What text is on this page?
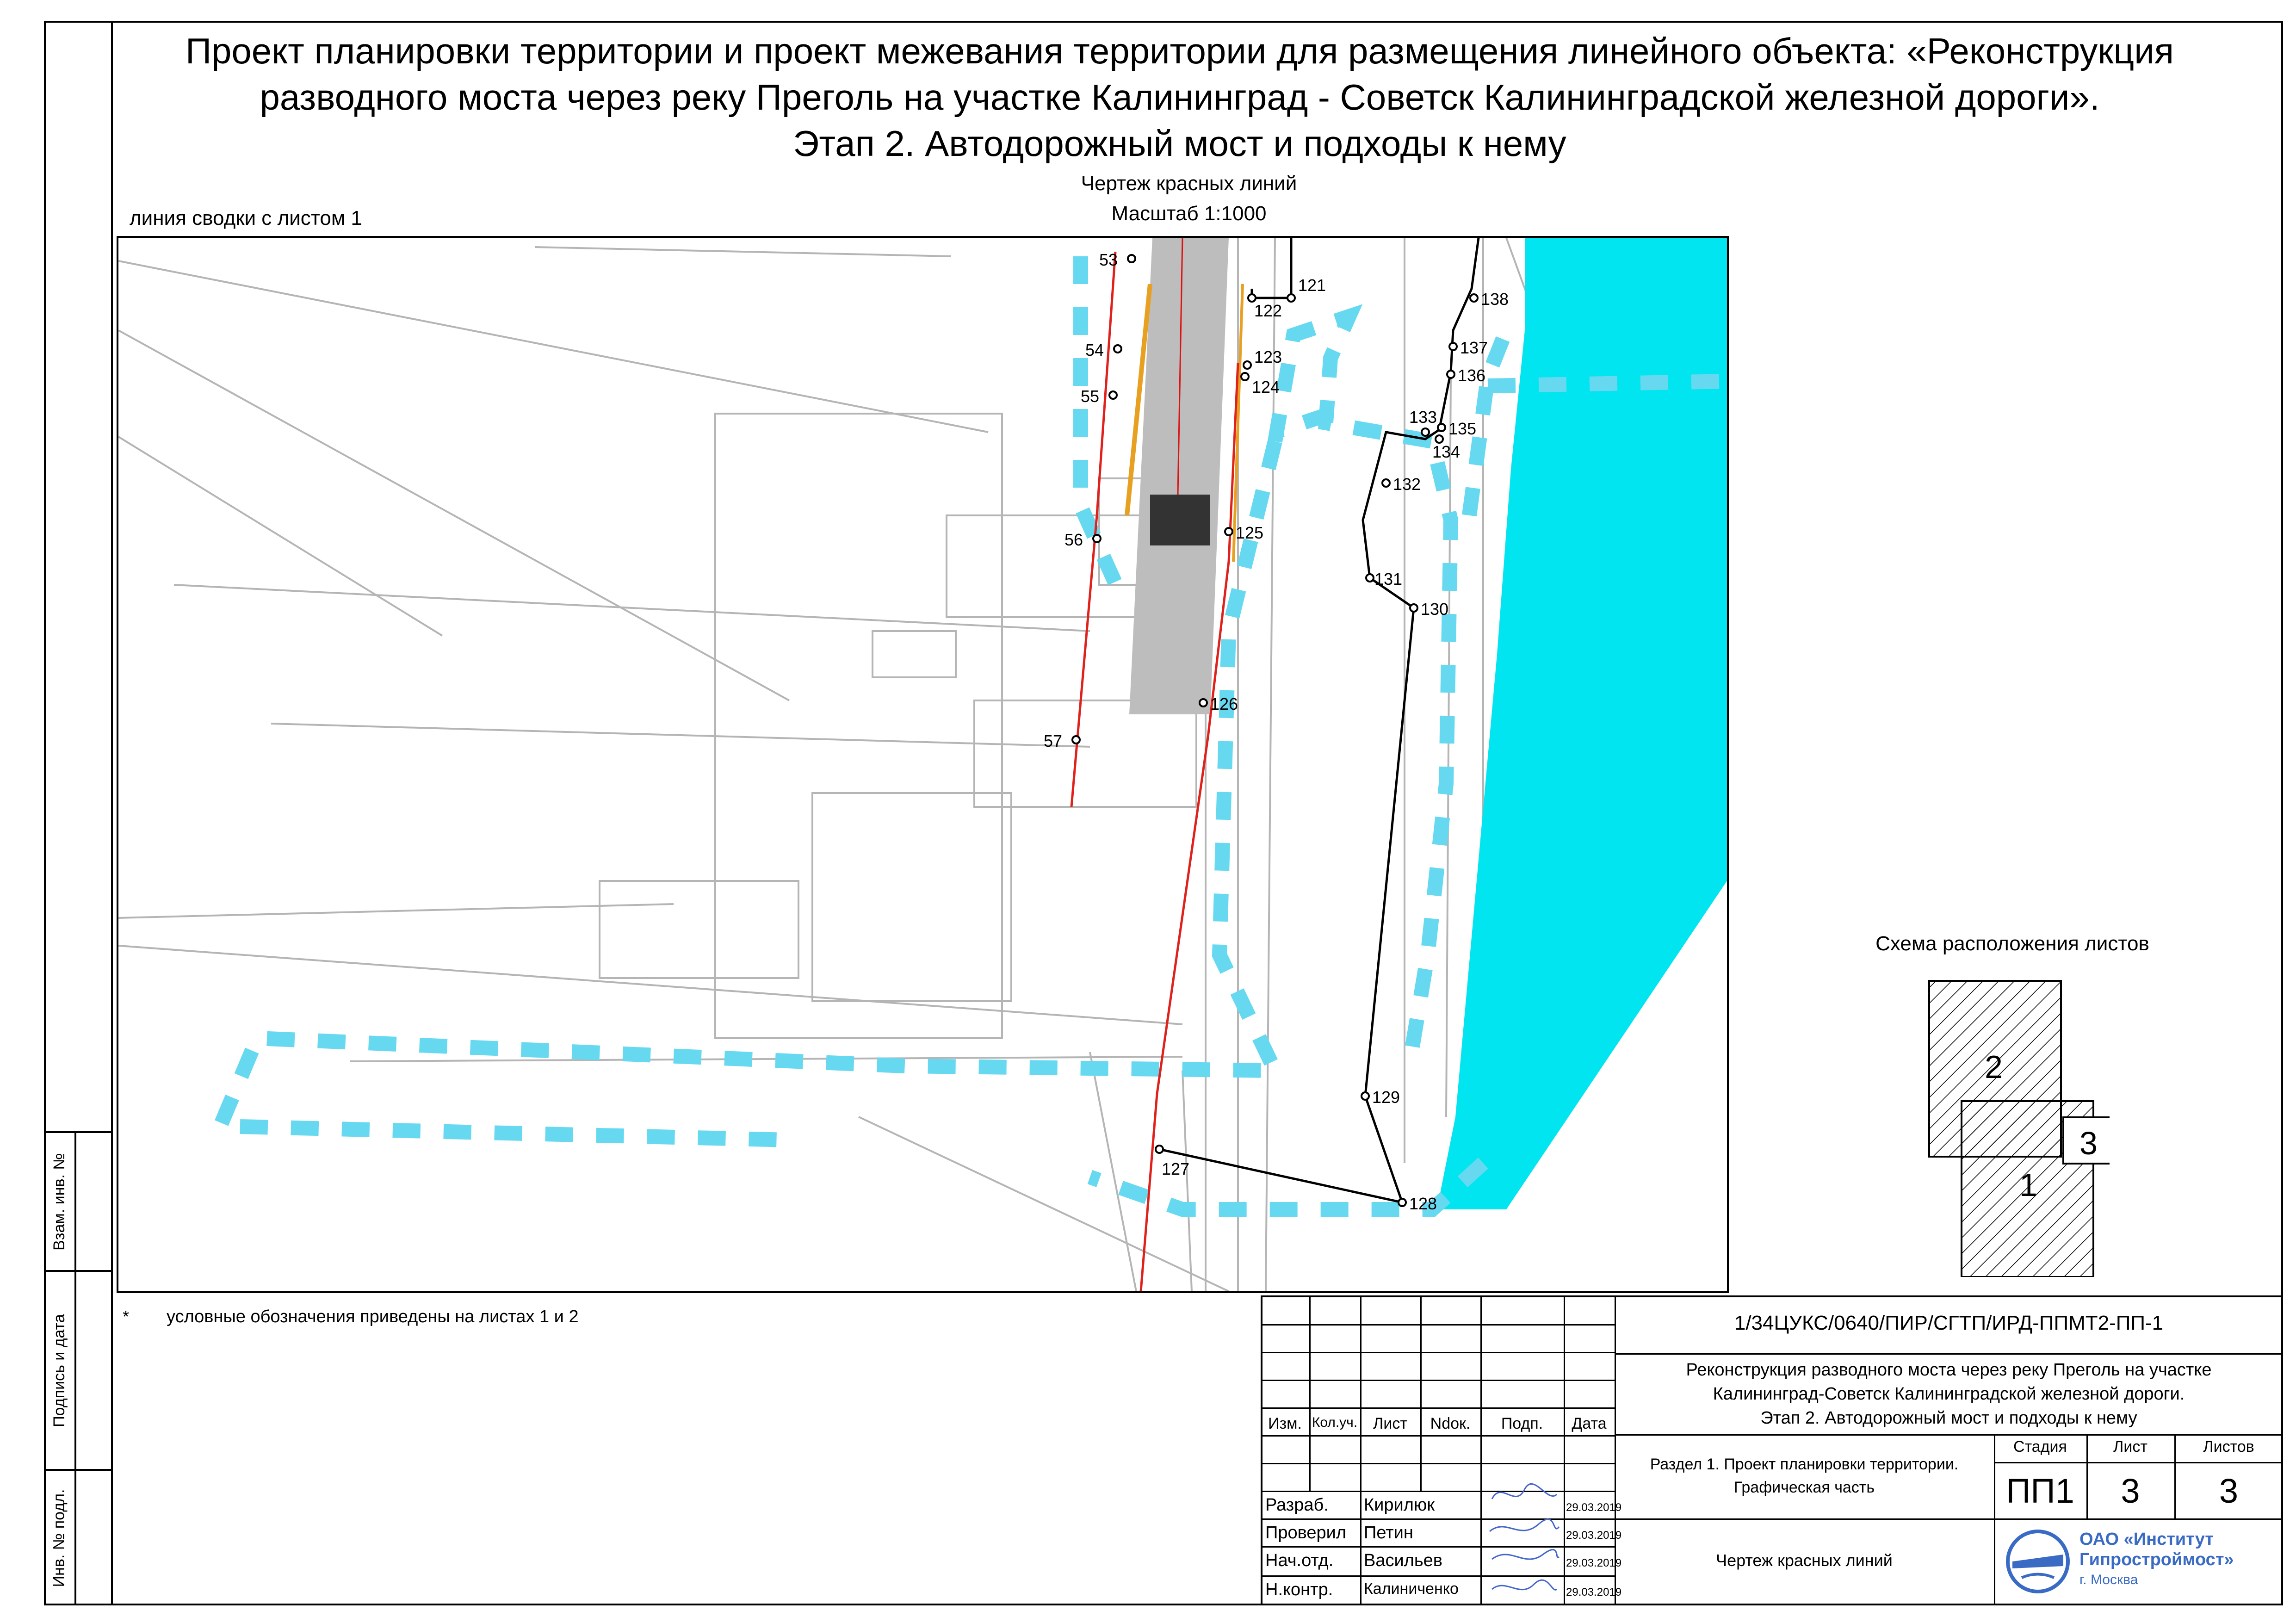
Проект планировки территории и проект межевания территории для размещения линейного объекта: «Реконструкция
разводного моста через реку Преголь на участке Калининград - Советск Калининградской железной дороги».
Этап 2. Автодорожный мост и подходы к нему
Чертеж красных линий
Масштаб 1:1000
линия сводки с листом 1
53
54
55
56
57
121
122
123
124
125
126
127
128
129
130
131
132
133
134
135
136
137
138
Схема расположения листов
2
3
1
Взам. инв. №
Подпись и дата
Инв. № подл.
* условные обозначения приведены на листах 1 и 2
Изм. Кол.уч. Лист	Ndок.	Подп.	Дата
Разраб. Кирилюк	29.03.2019
Проверил Петин	29.03.2019
Нач.отд. Васильев	29.03.2019
Н.контр. Калиниченко	29.03.2019
1/34ЦУКС/0640/ПИР/СГТП/ИРД-ППМТ2-ПП-1
Реконструкция разводного моста через реку Преголь на участке
Калининград-Советск Калининградской железной дороги.
Этап 2. Автодорожный мост и подходы к нему
Раздел 1. Проект планировки территории.
Графическая часть
Стадия	Лист	Листов
ПП1	3	3
Чертеж красных линий
ОАО «Институт
Гипростроймост»
г. Москва
